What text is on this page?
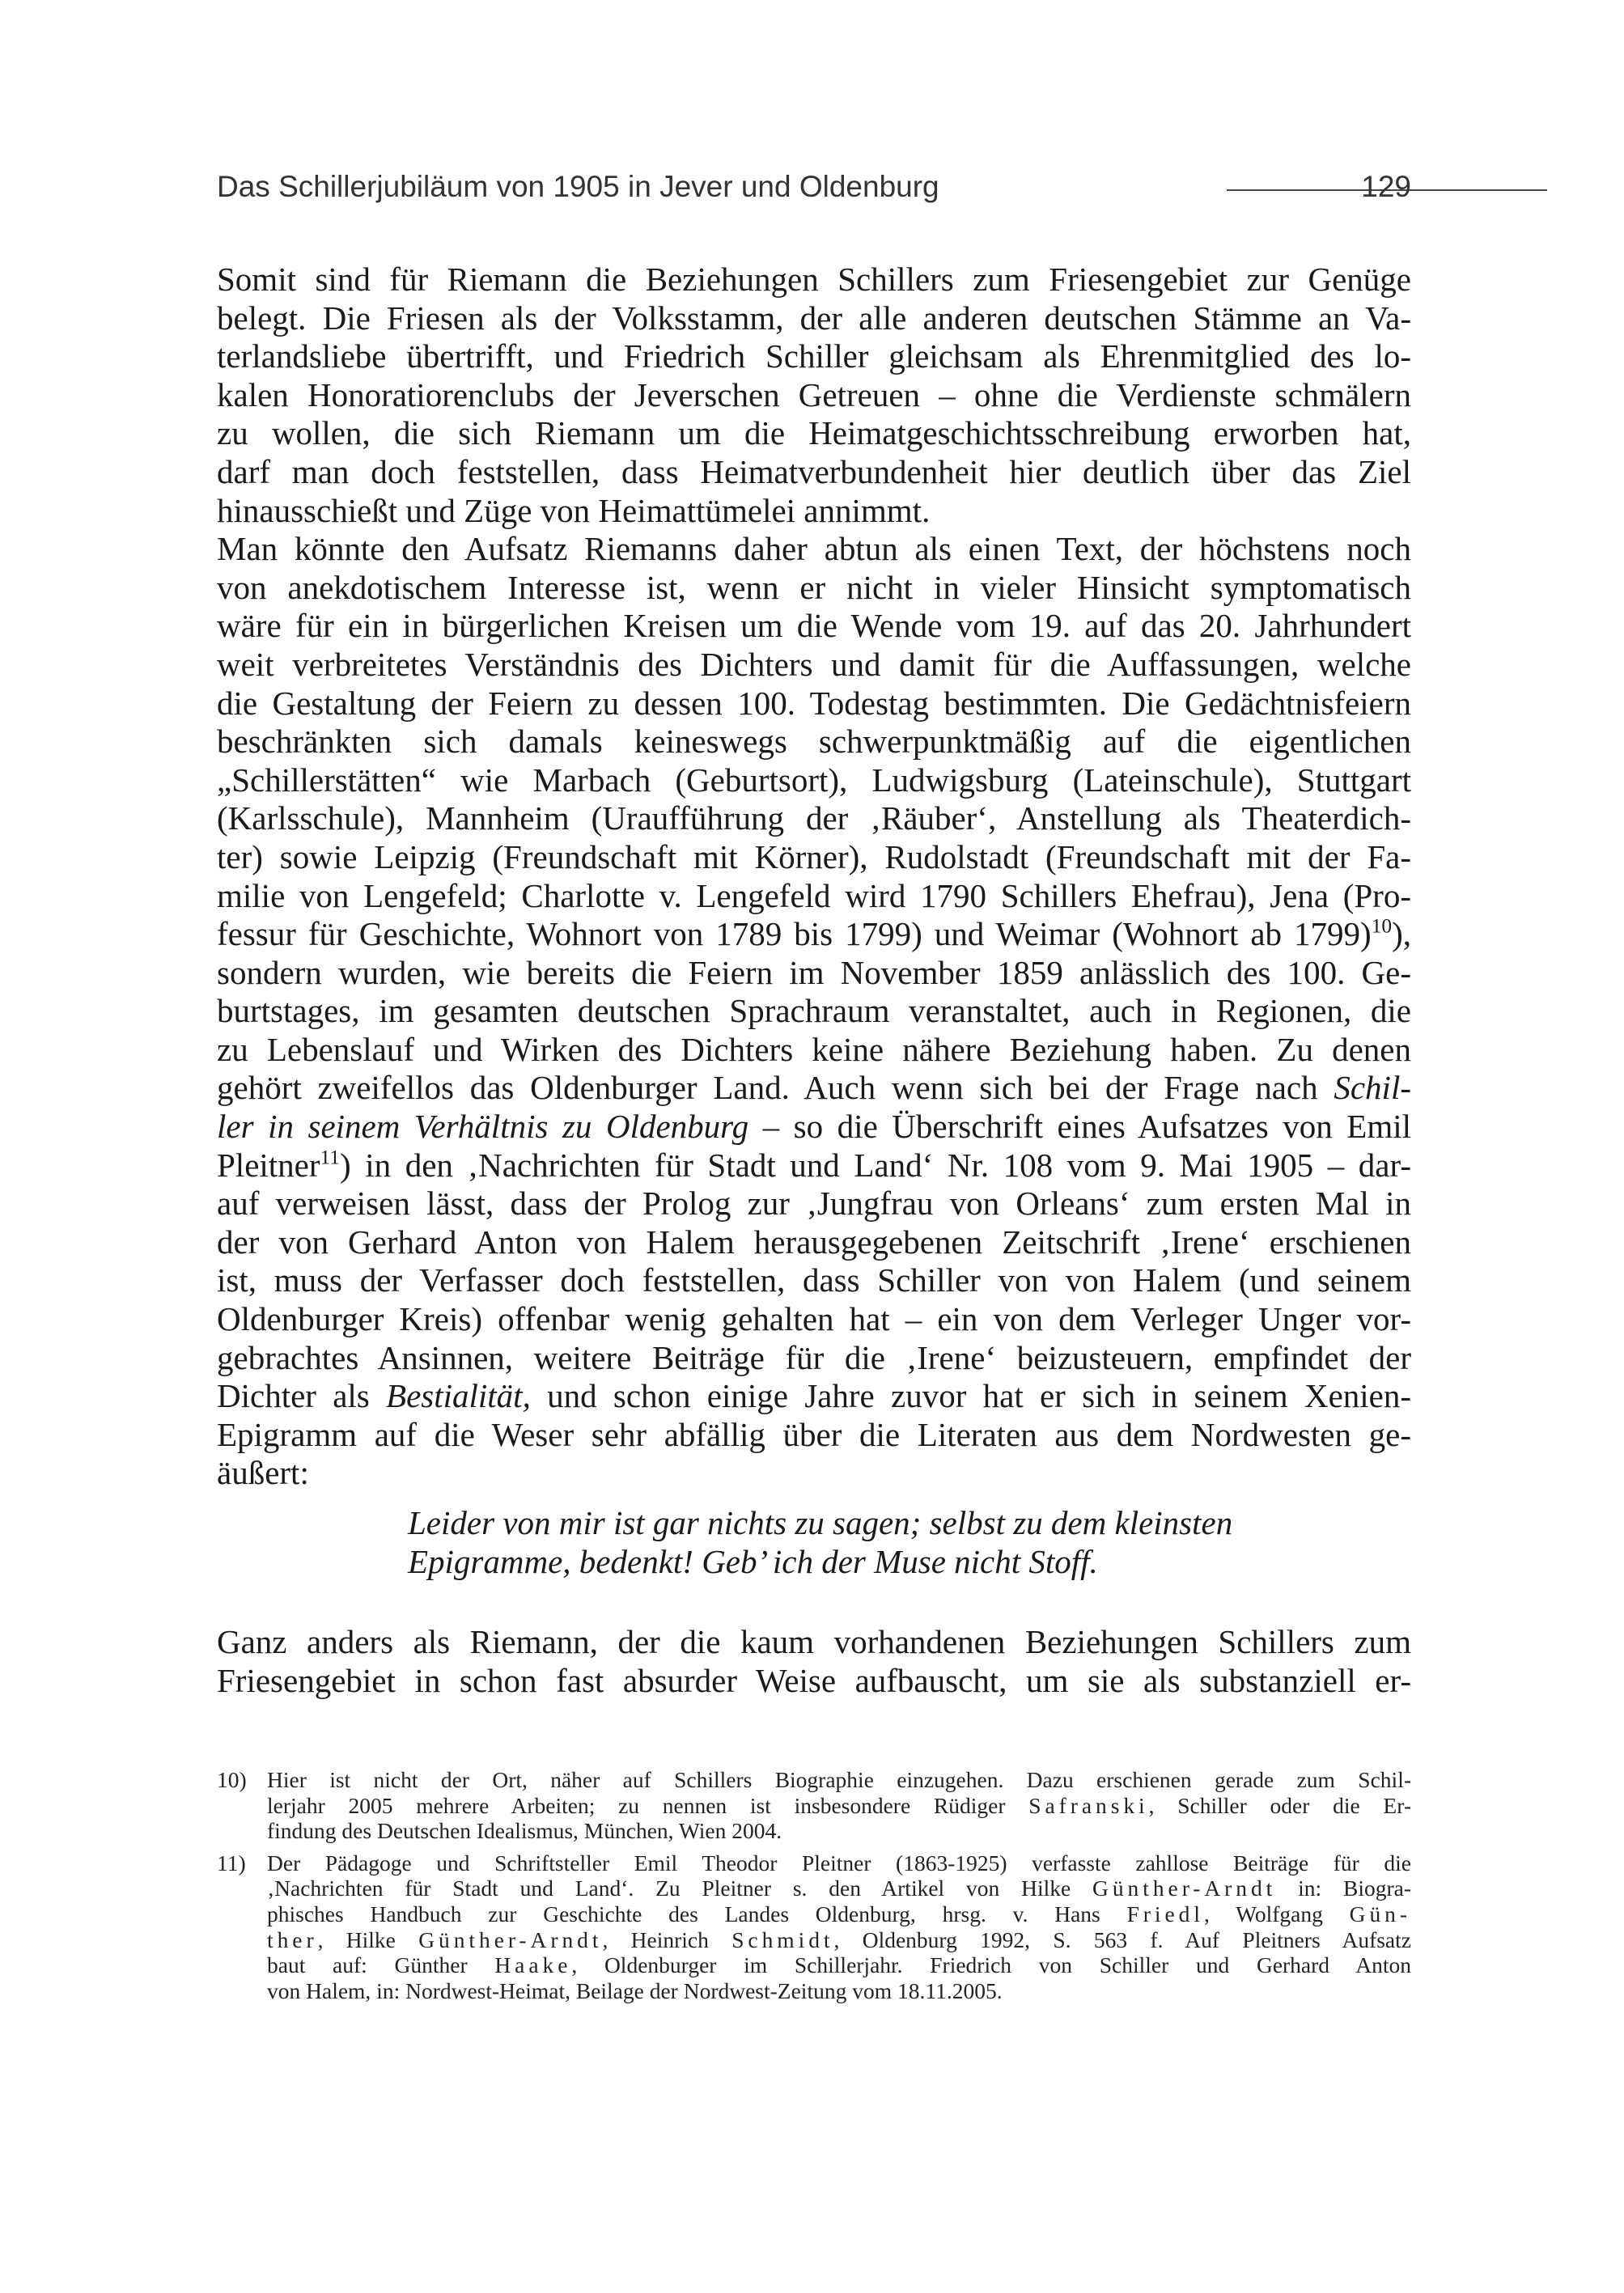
Das Schillerjubiläum von 1905 in Jever und Oldenburg	129
Somit sind für Riemann die Beziehungen Schillers zum Friesengebiet zur Genüge
belegt. Die Friesen als der Volksstamm, der alle anderen deutschen Stämme an Va-
terlandsliebe übertrifft, und Friedrich Schiller gleichsam als Ehrenmitglied des lo-
kalen Honoratiorenclubs der Jeverschen Getreuen – ohne die Verdienste schmälern
zu wollen, die sich Riemann um die Heimatgeschichtsschreibung erworben hat,
darf man doch feststellen, dass Heimatverbundenheit hier deutlich über das Ziel
hinausschießt und Züge von Heimattümelei annimmt.
Man könnte den Aufsatz Riemanns daher abtun als einen Text, der höchstens noch
von anekdotischem Interesse ist, wenn er nicht in vieler Hinsicht symptomatisch
wäre für ein in bürgerlichen Kreisen um die Wende vom 19. auf das 20. Jahrhundert
weit verbreitetes Verständnis des Dichters und damit für die Auffassungen, welche
die Gestaltung der Feiern zu dessen 100. Todestag bestimmten. Die Gedächtnisfeiern
beschränkten sich damals keineswegs schwerpunktmäßig auf die eigentlichen
„Schillerstätten“ wie Marbach (Geburtsort), Ludwigsburg (Lateinschule), Stuttgart
(Karlsschule), Mannheim (Uraufführung der ‚Räuber‘, Anstellung als Theaterdich-
ter) sowie Leipzig (Freundschaft mit Körner), Rudolstadt (Freundschaft mit der Fa-
milie von Lengefeld; Charlotte v. Lengefeld wird 1790 Schillers Ehefrau), Jena (Pro-
fessur für Geschichte, Wohnort von 1789 bis 1799) und Weimar (Wohnort ab 1799)$^{10}$),
sondern wurden, wie bereits die Feiern im November 1859 anlässlich des 100. Ge-
burtstages, im gesamten deutschen Sprachraum veranstaltet, auch in Regionen, die
zu Lebenslauf und Wirken des Dichters keine nähere Beziehung haben. Zu denen
gehört zweifellos das Oldenburger Land. Auch wenn sich bei der Frage nach Schil-
ler in seinem Verhältnis zu Oldenburg – so die Überschrift eines Aufsatzes von Emil
Pleitner$^{11}$) in den ‚Nachrichten für Stadt und Land‘ Nr. 108 vom 9. Mai 1905 – dar-
auf verweisen lässt, dass der Prolog zur ‚Jungfrau von Orleans‘ zum ersten Mal in
der von Gerhard Anton von Halem herausgegebenen Zeitschrift ‚Irene‘ erschienen
ist, muss der Verfasser doch feststellen, dass Schiller von von Halem (und seinem
Oldenburger Kreis) offenbar wenig gehalten hat – ein von dem Verleger Unger vor-
gebrachtes Ansinnen, weitere Beiträge für die ‚Irene‘ beizusteuern, empfindet der
Dichter als Bestialität, und schon einige Jahre zuvor hat er sich in seinem Xenien-
Epigramm auf die Weser sehr abfällig über die Literaten aus dem Nordwesten ge-
äußert:
Leider von mir ist gar nichts zu sagen; selbst zu dem kleinsten
Epigramme, bedenkt! Geb’ ich der Muse nicht Stoff.
Ganz anders als Riemann, der die kaum vorhandenen Beziehungen Schillers zum
Friesengebiet in schon fast absurder Weise aufbauscht, um sie als substanziell er-
10) Hier ist nicht der Ort, näher auf Schillers Biographie einzugehen. Dazu erschienen gerade zum Schil-
lerjahr 2005 mehrere Arbeiten; zu nennen ist insbesondere Rüdiger Safranski, Schiller oder die Er-
findung des Deutschen Idealismus, München, Wien 2004.
11) Der Pädagoge und Schriftsteller Emil Theodor Pleitner (1863-1925) verfasste zahllose Beiträge für die
‚Nachrichten für Stadt und Land‘. Zu Pleitner s. den Artikel von Hilke Günther-Arndt in: Biogra-
phisches Handbuch zur Geschichte des Landes Oldenburg, hrsg. v. Hans Friedl, Wolfgang Gün-
ther, Hilke Günther-Arndt, Heinrich Schmidt, Oldenburg 1992, S. 563 f. Auf Pleitners Aufsatz
baut auf: Günther Haake, Oldenburger im Schillerjahr. Friedrich von Schiller und Gerhard Anton
von Halem, in: Nordwest-Heimat, Beilage der Nordwest-Zeitung vom 18.11.2005.
